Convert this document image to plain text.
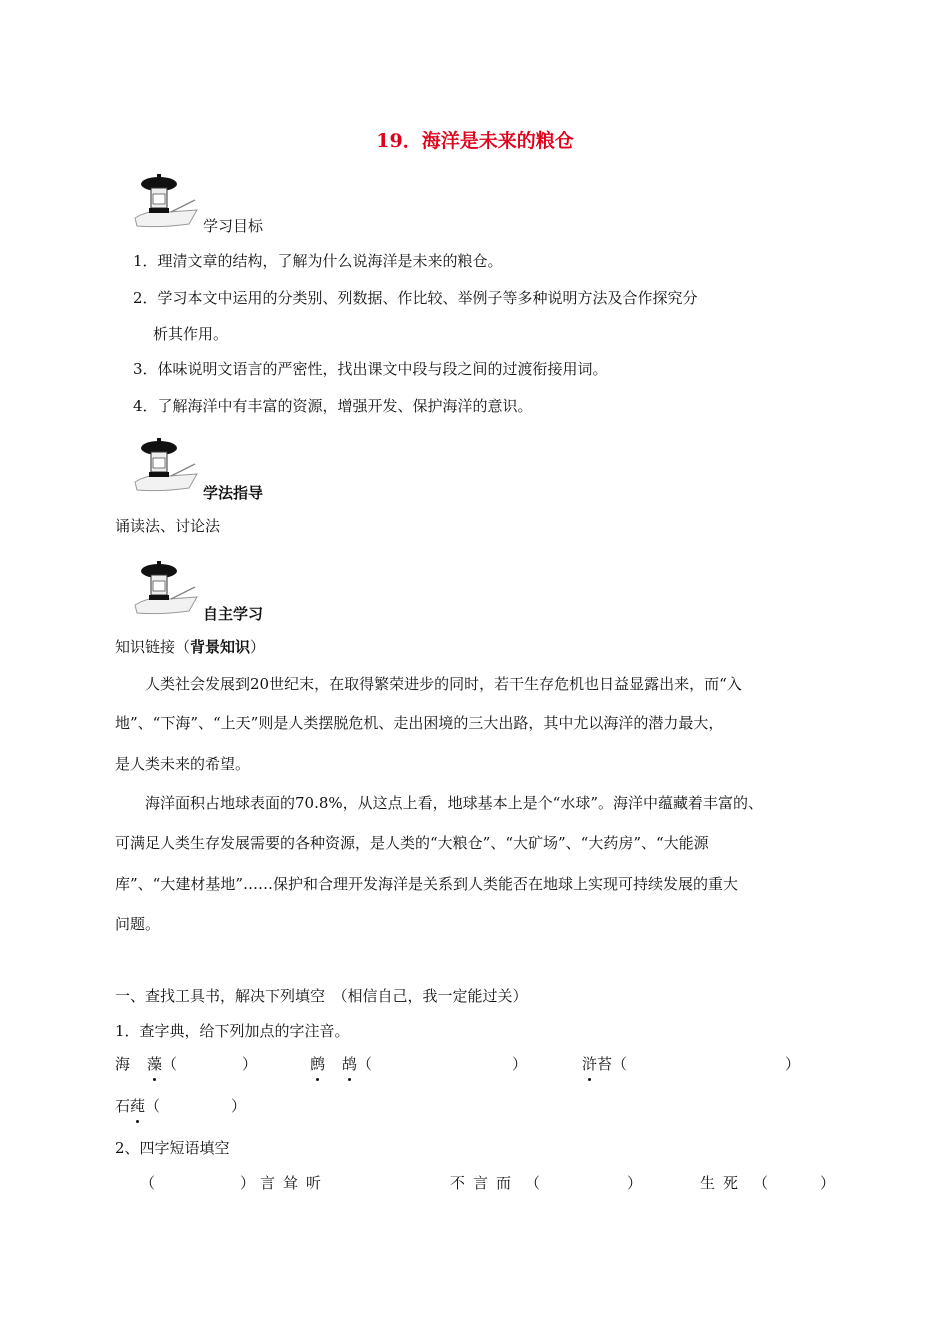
19．海洋是未来的粮仓
学习目标
1．理清文章的结构，了解为什么说海洋是未来的粮仓。
2．学习本文中运用的分类别、列数据、作比较、举例子等多种说明方法及合作探究分
析其作用。
3．体味说明文语言的严密性，找出课文中段与段之间的过渡衔接用词。
4．了解海洋中有丰富的资源，增强开发、保护海洋的意识。
学法指导
诵读法、讨论法
自主学习
知识链接（背景知识）
人类社会发展到20世纪末，在取得繁荣进步的同时，若干生存危机也日益显露出来，而“入
地”、“下海”、“上天”则是人类摆脱危机、走出困境的三大出路，其中尤以海洋的潜力最大，
是人类未来的希望。
海洋面积占地球表面的70.8%，从这点上看，地球基本上是个“水球”。海洋中蕴藏着丰富的、
可满足人类生存发展需要的各种资源，是人类的“大粮仓”、“大矿场”、“大药房”、“大能源
库”、“大建材基地”……保护和合理开发海洋是关系到人类能否在地球上实现可持续发展的重大
问题。
一、查找工具书，解决下列填空　（相信自己，我一定能过关）
1．查字典，给下列加点的字注音。
海 藻（	）	鹧 鸪（	）	浒苔（	）
石莼（	）
2、四字短语填空
（	） 言耸听	不言而 （	）	生死 （	）
